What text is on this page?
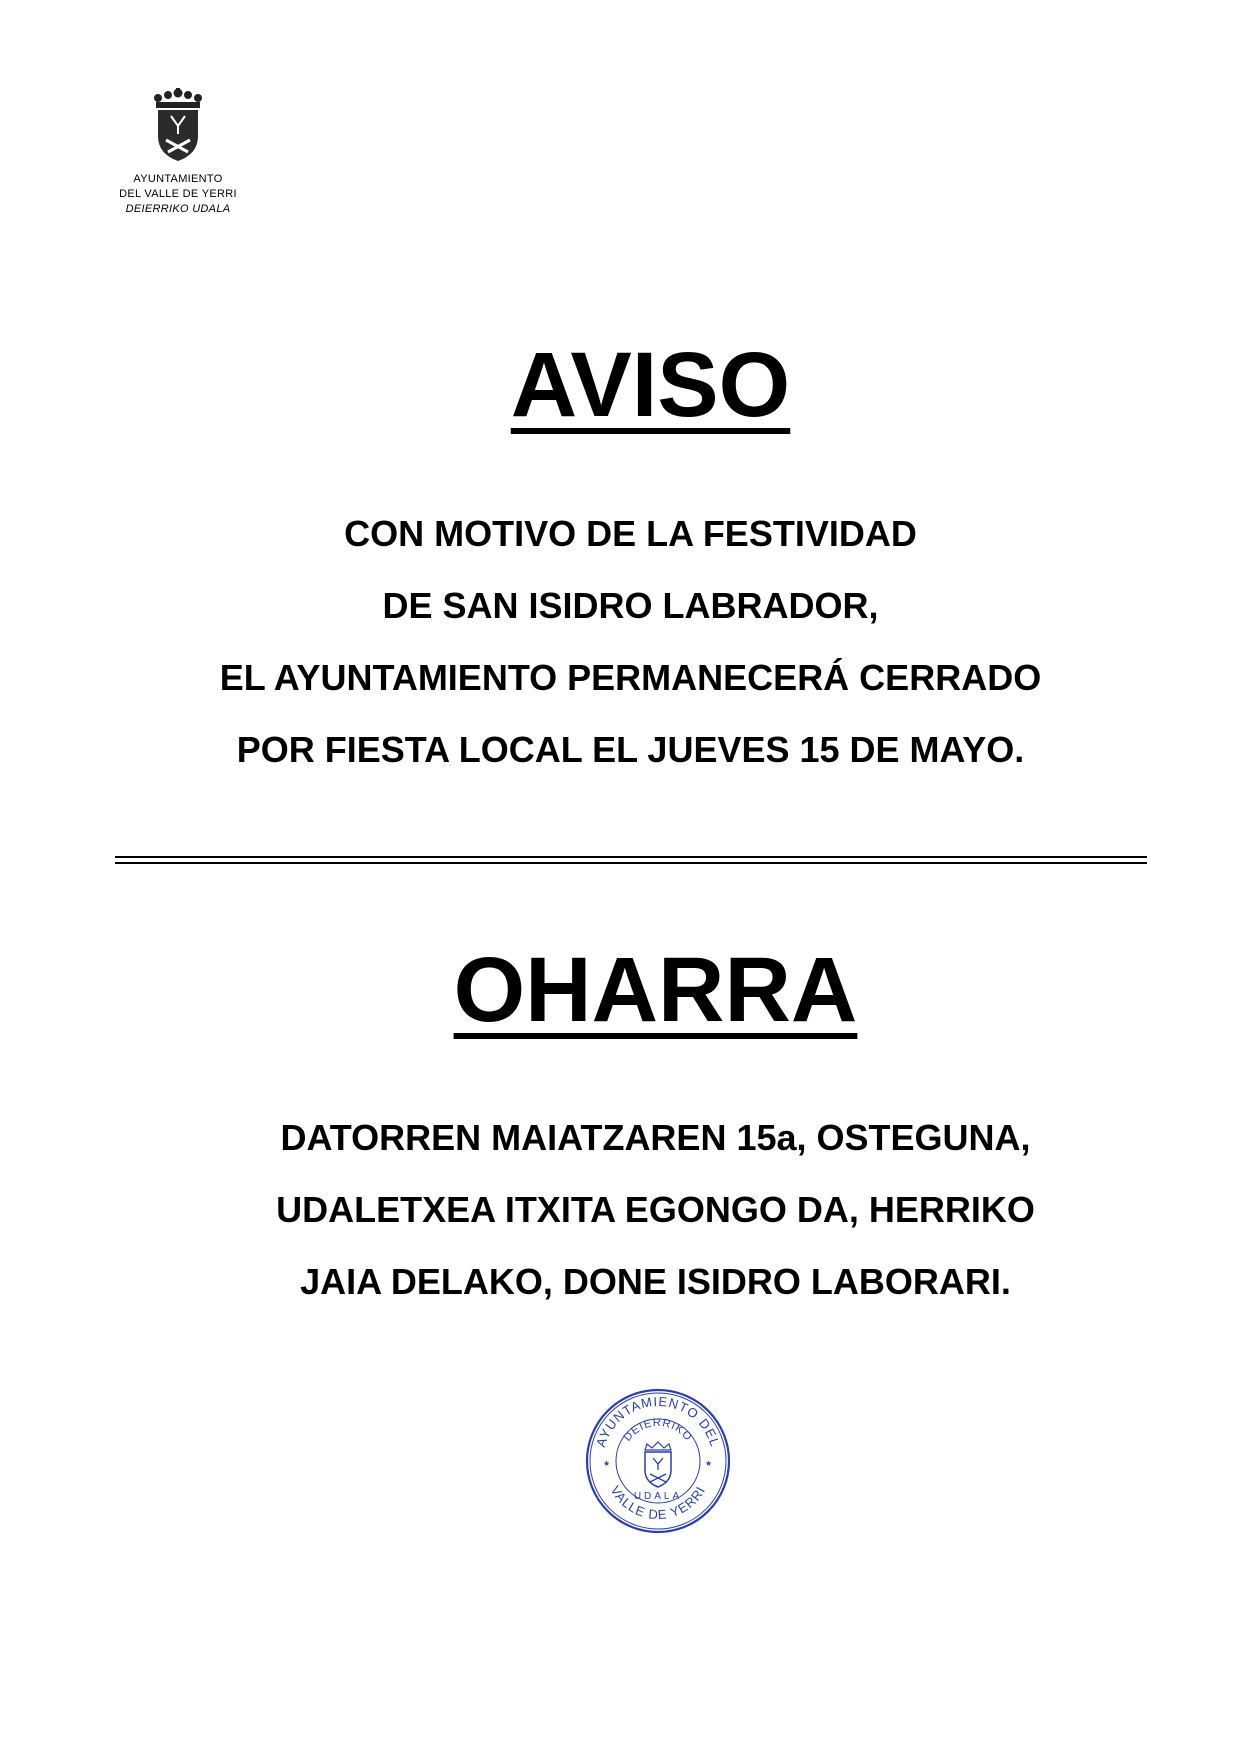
AYUNTAMIENTO
DEL VALLE DE YERRI
DEIERRIKO UDALA
AVISO
CON MOTIVO DE LA FESTIVIDAD
DE SAN ISIDRO LABRADOR,
EL AYUNTAMIENTO PERMANECERÁ CERRADO
POR FIESTA LOCAL EL JUEVES 15 DE MAYO.
OHARRA
DATORREN MAIATZAREN 15a, OSTEGUNA,
UDALETXEA ITXITA EGONGO DA, HERRIKO
JAIA DELAKO, DONE ISIDRO LABORARI.
AYUNTAMIENTO DEL
DEIERRIKO
UDALA
VALLE DE YERRI
★	★
